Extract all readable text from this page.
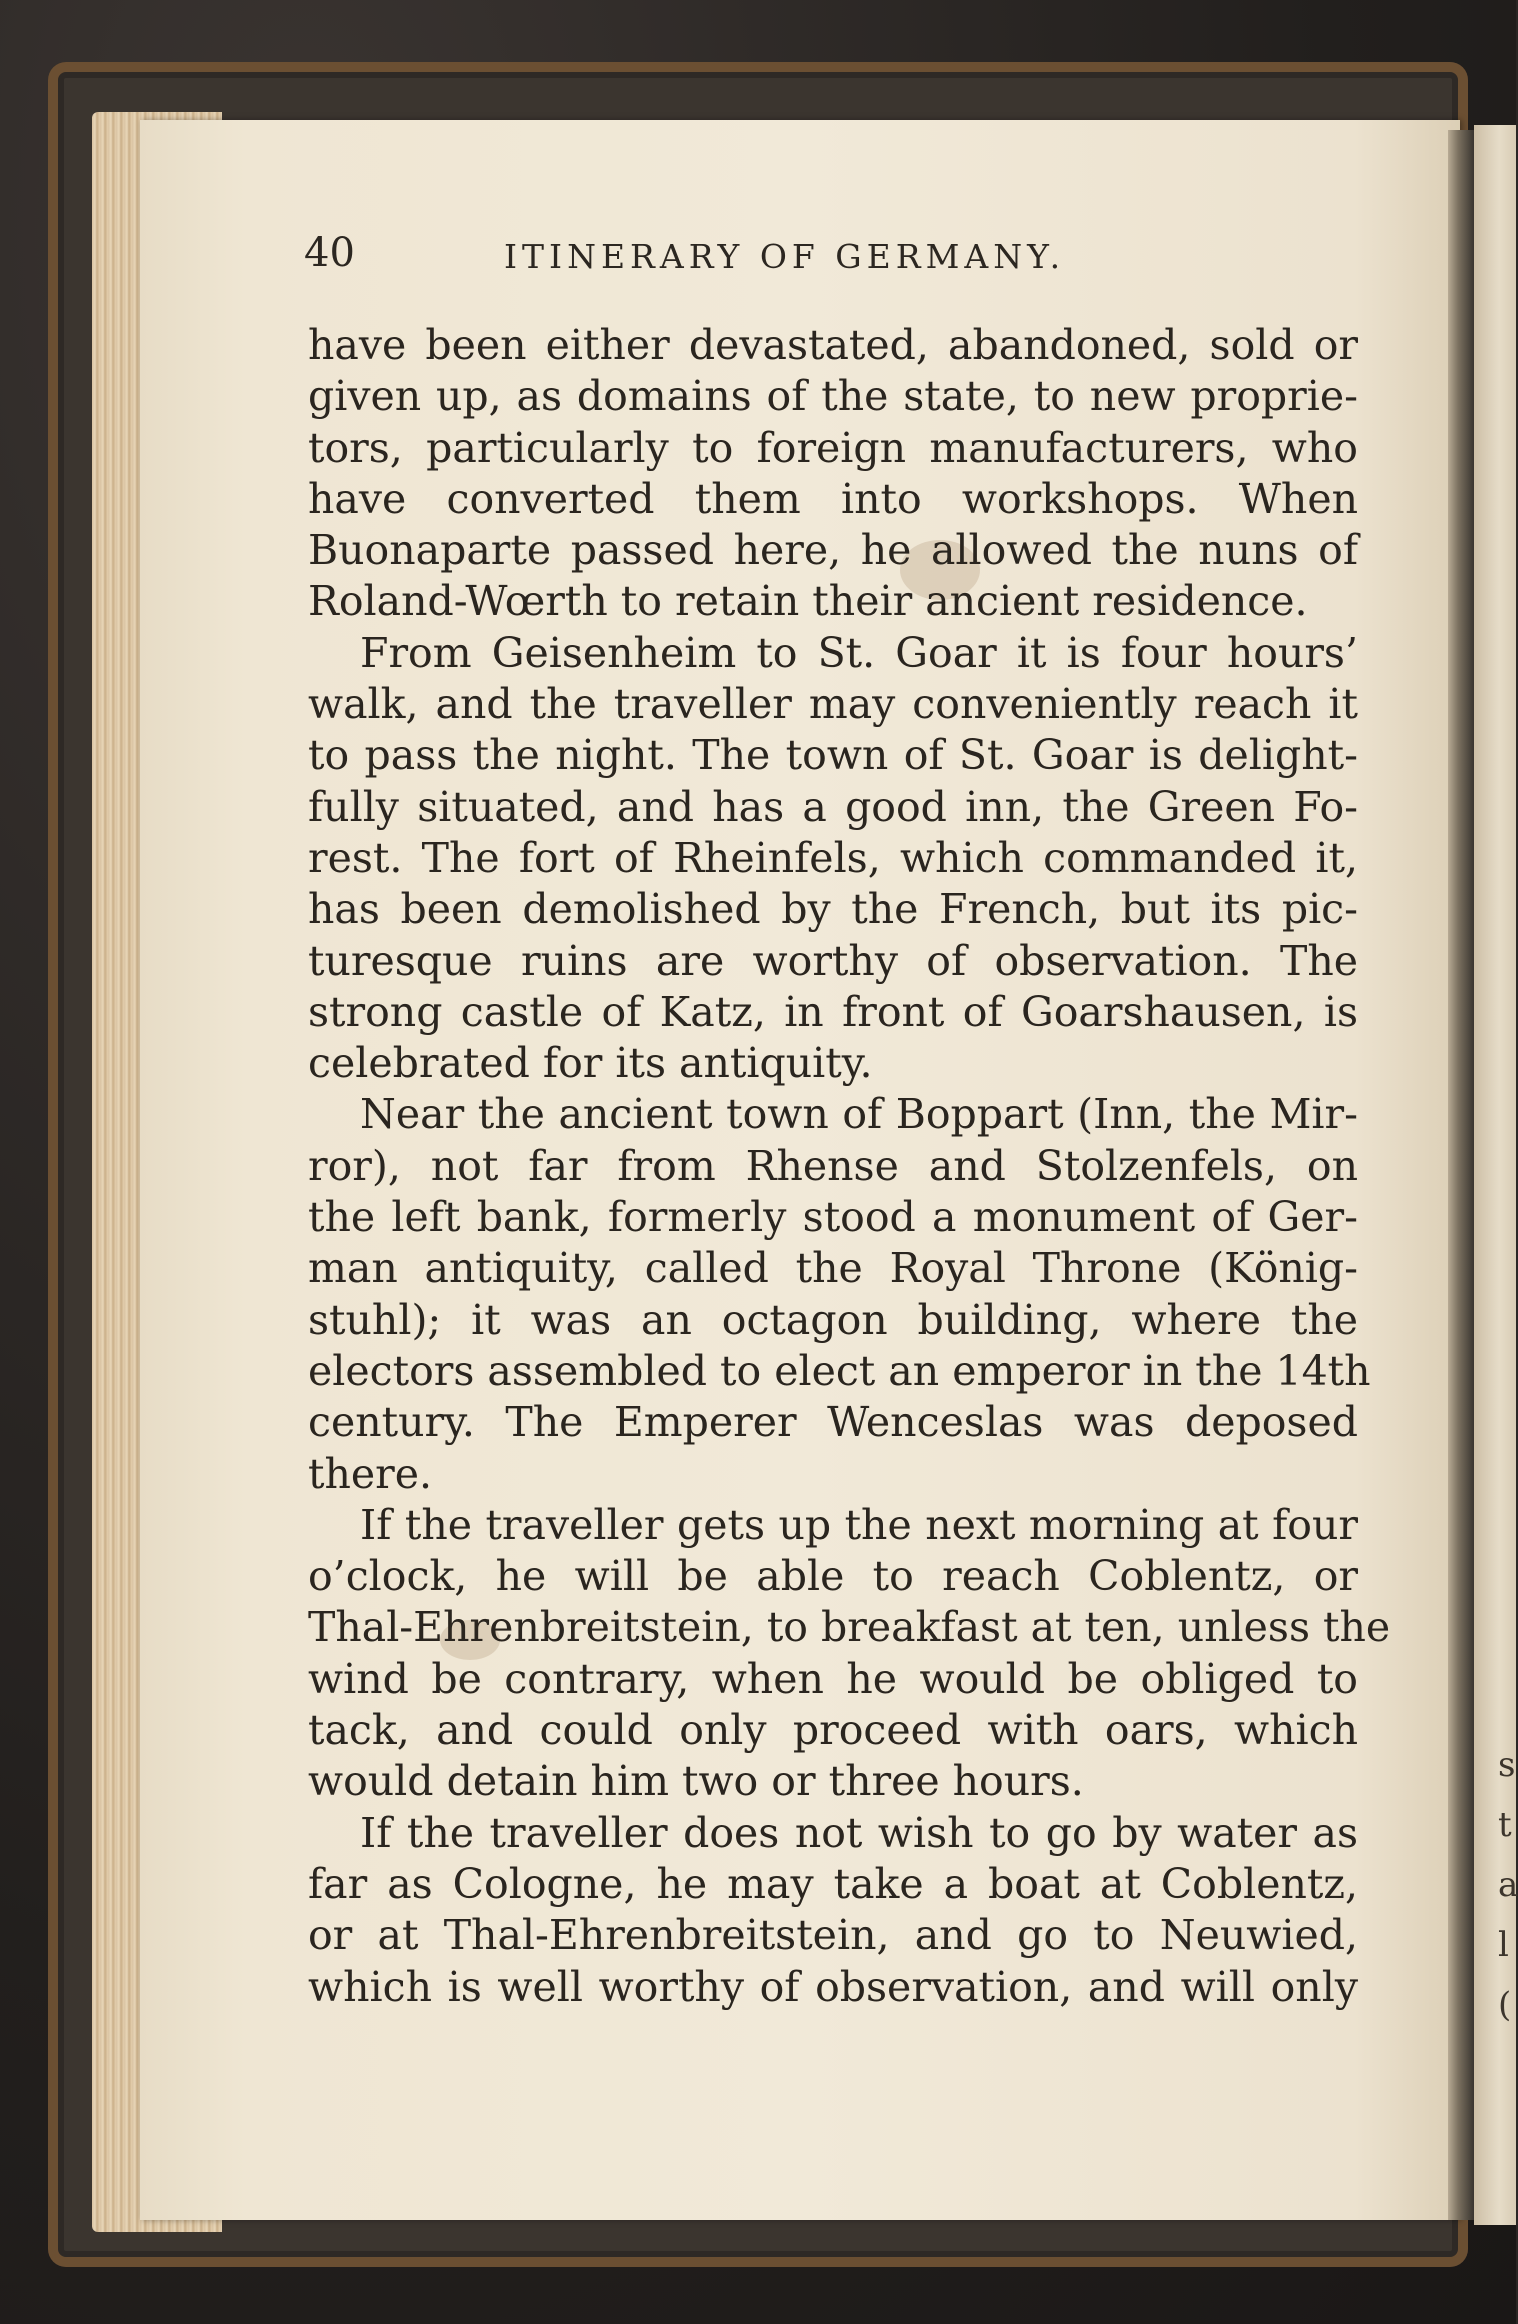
s
t
a
l
(
40	ITINERARY OF GERMANY.
have been either devastated, abandoned, sold or
given up, as domains of the state, to new proprie-
tors, particularly to foreign manufacturers, who
have converted them into workshops. When
Buonaparte passed here, he allowed the nuns of
Roland-Wœrth to retain their ancient residence.
From Geisenheim to St. Goar it is four hours’
walk, and the traveller may conveniently reach it
to pass the night. The town of St. Goar is delight-
fully situated, and has a good inn, the Green Fo-
rest. The fort of Rheinfels, which commanded it,
has been demolished by the French, but its pic-
turesque ruins are worthy of observation. The
strong castle of Katz, in front of Goarshausen, is
celebrated for its antiquity.
Near the ancient town of Boppart (Inn, the Mir-
ror), not far from Rhense and Stolzenfels, on
the left bank, formerly stood a monument of Ger-
man antiquity, called the Royal Throne (König-
stuhl); it was an octagon building, where the
electors assembled to elect an emperor in the 14th
century. The Emperer Wenceslas was deposed
there.
If the traveller gets up the next morning at four
o’clock, he will be able to reach Coblentz, or
Thal-Ehrenbreitstein, to breakfast at ten, unless the
wind be contrary, when he would be obliged to
tack, and could only proceed with oars, which
would detain him two or three hours.
If the traveller does not wish to go by water as
far as Cologne, he may take a boat at Coblentz,
or at Thal-Ehrenbreitstein, and go to Neuwied,
which is well worthy of observation, and will only
